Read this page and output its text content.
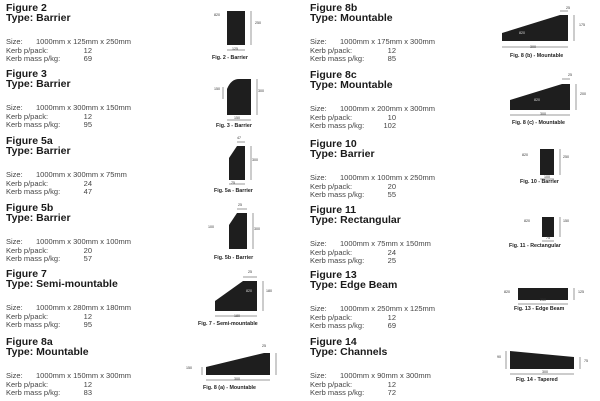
Figure 2
Type: Barrier
Size: 1000mm x 125mm x 250mm
Kerb p/pack:	12
Kerb mass p/kg:	69
820
250
125
Fig. 2 - Barrier
Figure 3
Type: Barrier
Size: 1000mm x 300mm x 150mm
Kerb p/pack:	12
Kerb mass p/kg:	95
300
150
150
Fig. 3 - Barrier
Figure 5a
Type: Barrier
Size: 1000mm x 300mm x 75mm
Kerb p/pack:	24
Kerb mass p/kg:	47
47
300
75
Fig. 5a - Barrier
Figure 5b
Type: Barrier
Size: 1000mm x 300mm x 100mm
Kerb p/pack:	20
Kerb mass p/kg:	57
25
300
100
Fig. 5b - Barrier
Figure 7
Type: Semi-mountable
Size: 1000mm x 280mm x 180mm
Kerb p/pack:	12
Kerb mass p/kg:	95
25
820	180
180
Fig. 7 - Semi-mountable
Figure 8a
Type: Mountable
Size: 1000mm x 150mm x 300mm
Kerb p/pack:	12
Kerb mass p/kg:	83
25
150
300
Fig. 8 (a) - Mountable
Figure 8b
Type: Mountable
Size: 1000mm x 175mm x 300mm
Kerb p/pack:	12
Kerb mass p/kg:	85
25
820
300
175
Fig. 8 (b) - Mountable
Figure 8c
Type: Mountable
Size: 1000mm x 200mm x 300mm
Kerb p/pack:	10
Kerb mass p/kg:	102
25
820
300
200
Fig. 8 (c) - Mountable
Figure 10
Type: Barrier
Size: 1000mm x 100mm x 250mm
Kerb p/pack:	20
Kerb mass p/kg:	55
820	250
100
Fig. 10 - Barrier
Figure 11
Type: Rectangular
Size: 1000mm x 75mm x 150mm
Kerb p/pack:	24
Kerb mass p/kg:	25
820	150
75
Fig. 11 - Rectangular
Figure 13
Type: Edge Beam
Size: 1000mm x 250mm x 125mm
Kerb p/pack:	12
Kerb mass p/kg:	69
820
250
125
Fig. 13 - Edge Beam
Figure 14
Type: Channels
Size: 1000mm x 90mm x 300mm
Kerb p/pack:	12
Kerb mass p/kg:	72
300
90
75
Fig. 14 - Tapered
